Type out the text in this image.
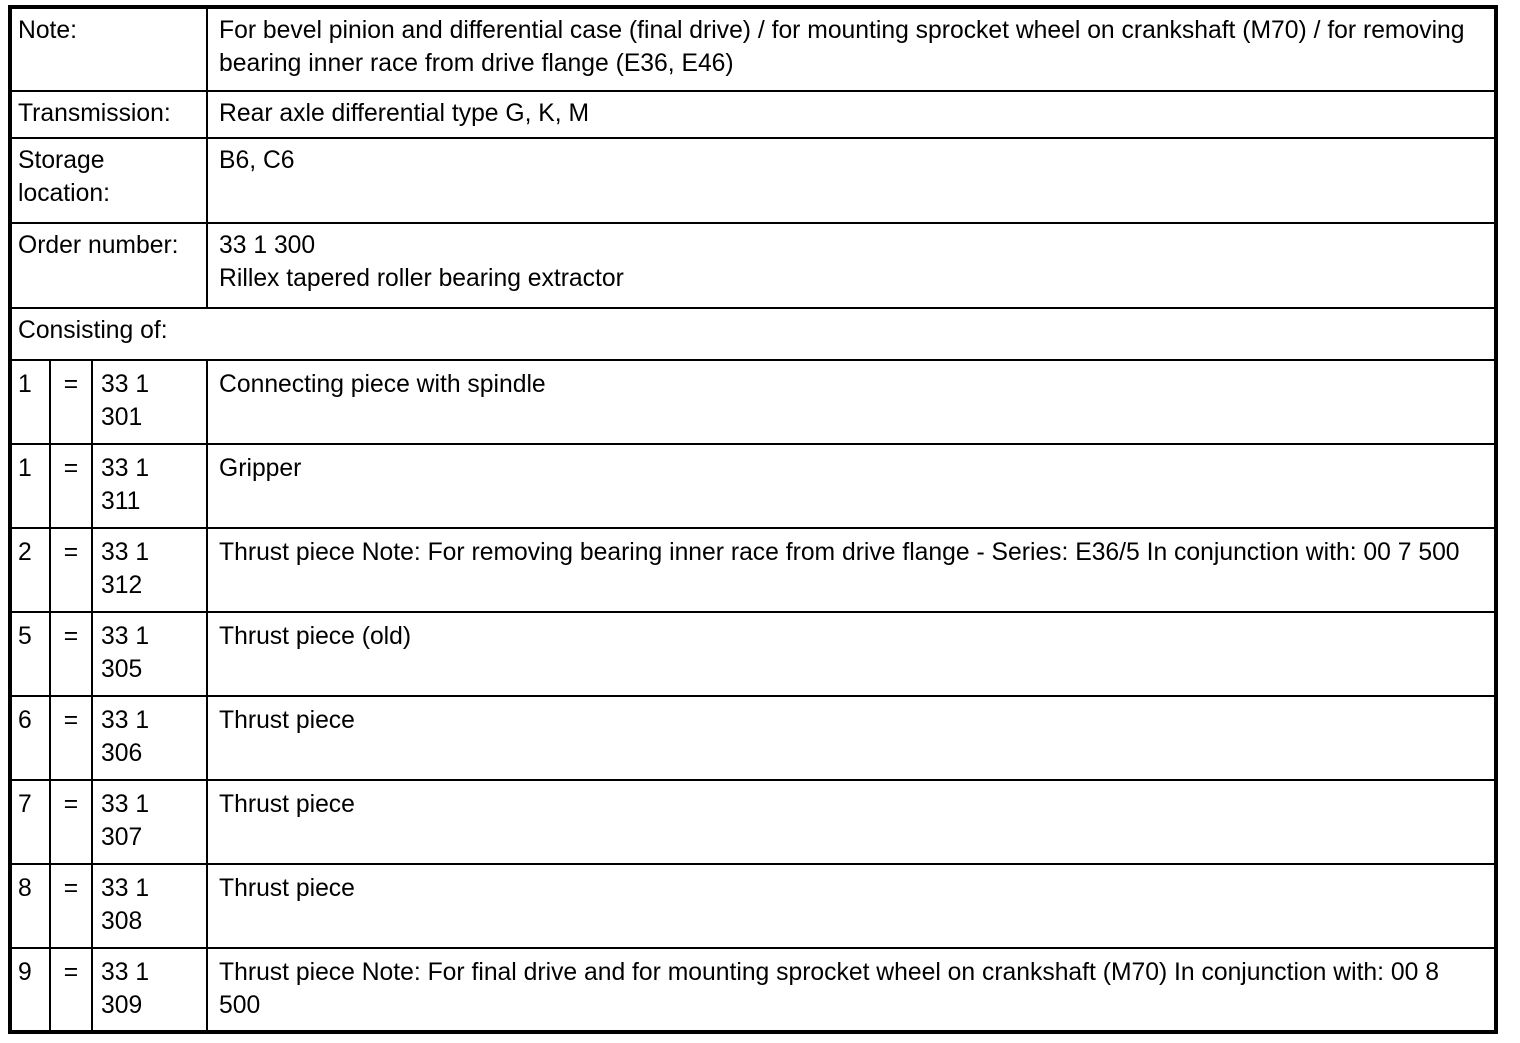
Note:			For bevel pinion and differential case (final drive) / for mounting sprocket wheel on crankshaft (M70) / for removing bearing inner race from drive flange (E36, E46)

Transmission:			Rear axle differential type G, K, M

Storage location:			B6, C6

Order number:			33 1 300
Rillex tapered roller bearing extractor

Consisting of:			
1	=	33 1 301	Connecting piece with spindle
1	=	33 1 311	Gripper
2	=	33 1 312	Thrust piece Note: For removing bearing inner race from drive flange - Series: E36/5 In conjunction with: 00 7 500
5	=	33 1 305	Thrust piece (old)
6	=	33 1 306	Thrust piece
7	=	33 1 307	Thrust piece
8	=	33 1 308	Thrust piece
9	=	33 1 309	Thrust piece Note: For final drive and for mounting sprocket wheel on crankshaft (M70) In conjunction with: 00 8 500
